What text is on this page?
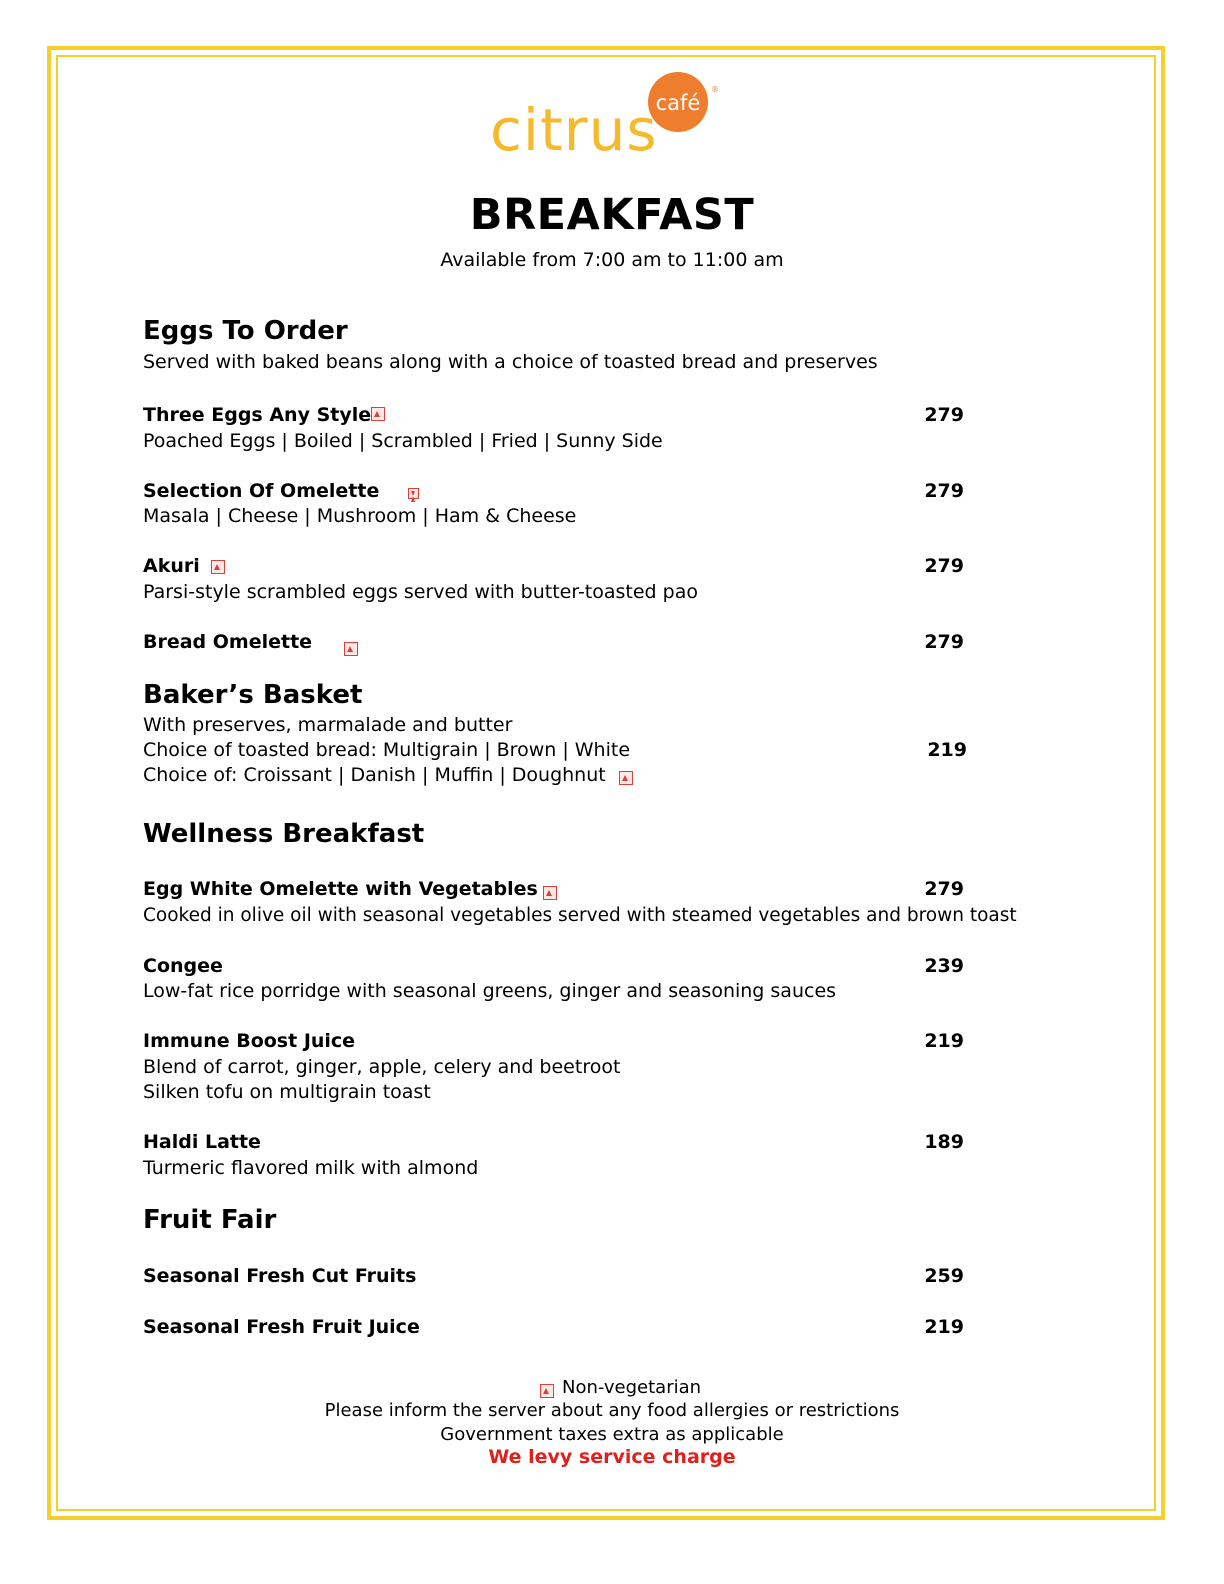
café
citrus
®
BREAKFAST
Available from 7:00 am to 11:00 am
Eggs To Order
Served with baked beans along with a choice of toasted bread and preserves
Three Eggs Any Style	279
Poached Eggs | Boiled | Scrambled | Fried | Sunny Side
Selection Of Omelette	279
Masala | Cheese | Mushroom | Ham & Cheese
Akuri	279
Parsi-style scrambled eggs served with butter-toasted pao
Bread Omelette	279
Baker’s Basket
With preserves, marmalade and butter
Choice of toasted bread: Multigrain | Brown | White	219
Choice of: Croissant | Danish | Muffin | Doughnut
Wellness Breakfast
Egg White Omelette with Vegetables	279
Cooked in olive oil with seasonal vegetables served with steamed vegetables and brown toast
Congee	239
Low-fat rice porridge with seasonal greens, ginger and seasoning sauces
Immune Boost Juice	219
Blend of carrot, ginger, apple, celery and beetroot
Silken tofu on multigrain toast
Haldi Latte	189
Turmeric flavored milk with almond
Fruit Fair
Seasonal Fresh Cut Fruits	259
Seasonal Fresh Fruit Juice	219
Non-vegetarian
Please inform the server about any food allergies or restrictions
Government taxes extra as applicable
We levy service charge
